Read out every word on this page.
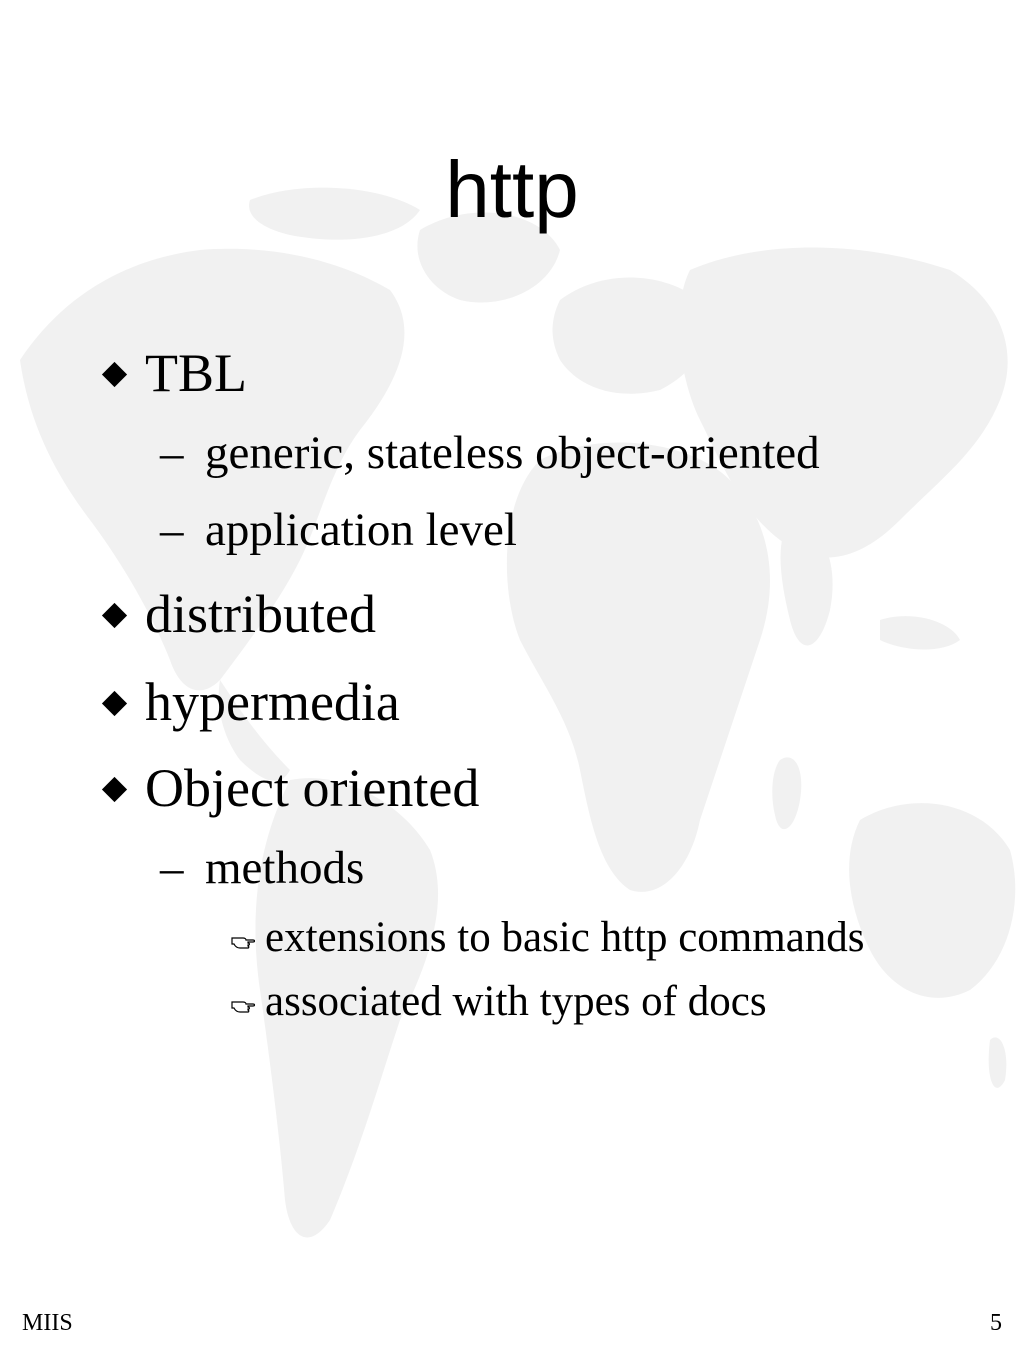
http
TBL
– generic, stateless object-oriented
– application level
distributed
hypermedia
Object oriented
– methods
extensions to basic http commands
associated with types of docs
MIIS	5
